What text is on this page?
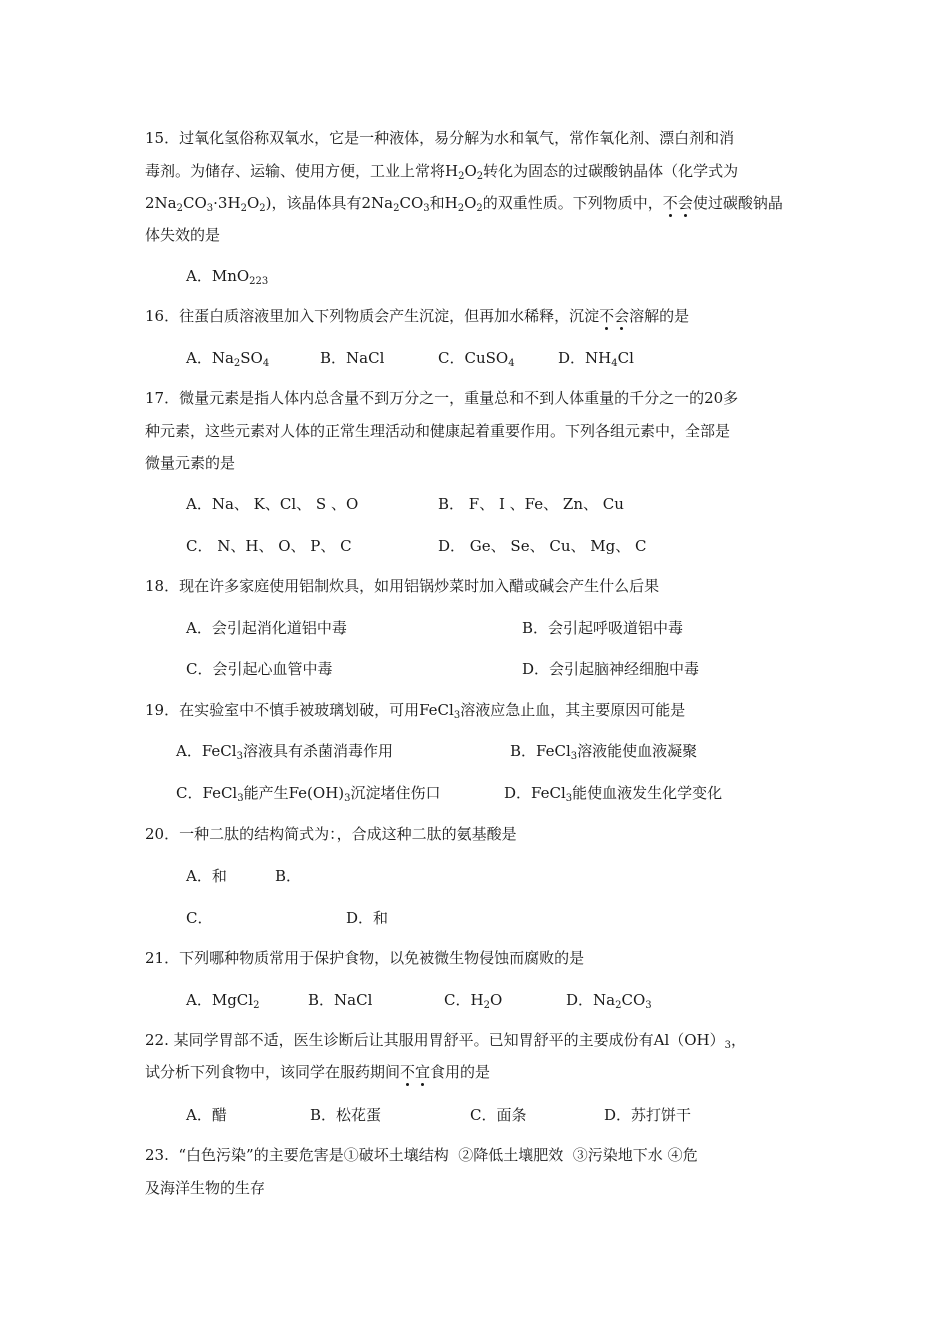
15．过氧化氢俗称双氧水，它是一种液体，易分解为水和氧气，常作氧化剂、漂白剂和消
毒剂。为储存、运输、使用方便，工业上常将$H_2O_2$转化为固态的过碳酸钠晶体（化学式为
$2Na_2CO_3\cdot 3H_2O_2$)，该晶体具有$2Na_2CO_3$和$H_2O_2$的双重性质。下列物质中，不会使过碳酸钠晶
体失效的是
A．MnO$_{223}$
16．往蛋白质溶液里加入下列物质会产生沉淀，但再加水稀释，沉淀不会溶解的是
A．$Na_2SO_4$	B．NaCl	C．CuSO$_4$	D．$NH_4Cl$
17．微量元素是指人体内总含量不到万分之一，重量总和不到人体重量的千分之一的20多
种元素，这些元素对人体的正常生理活动和健康起着重要作用。下列各组元素中，全部是
微量元素的是
A．Na、 K、Cl、 S 、O	B． F、 I 、Fe、 Zn、 Cu
C． N、H、 O、 P、 C	D． Ge、 Se、 Cu、 Mg、 C
18．现在许多家庭使用铝制炊具，如用铝锅炒菜时加入醋或碱会产生什么后果
A．会引起消化道铝中毒	B．会引起呼吸道铝中毒
C．会引起心血管中毒	D．会引起脑神经细胞中毒
19．在实验室中不慎手被玻璃划破，可用FeCl$_3$溶液应急止血，其主要原因可能是
A．FeCl$_3$溶液具有杀菌消毒作用	B．FeCl$_3$溶液能使血液凝聚
C．FeCl$_3$能产生$Fe(OH)_3$沉淀堵住伤口	D．FeCl$_3$能使血液发生化学变化
20．一种二肽的结构简式为：，合成这种二肽的氨基酸是
A．和	B．
C．	D．和
21．下列哪种物质常用于保护食物，以免被微生物侵蚀而腐败的是
A．MgCl$_2$	B．NaCl	C．$H_2O$	D．$Na_2CO_3$
22. 某同学胃部不适，医生诊断后让其服用胃舒平。已知胃舒平的主要成份有$Al(OH)_3$，
试分析下列食物中，该同学在服药期间不宜食用的是
A．醋	B．松花蛋	C．面条	D．苏打饼干
23.  “白色污染”的主要危害是①破坏土壤结构  ②降低土壤肥效  ③污染地下水 ④危
及海洋生物的生存
